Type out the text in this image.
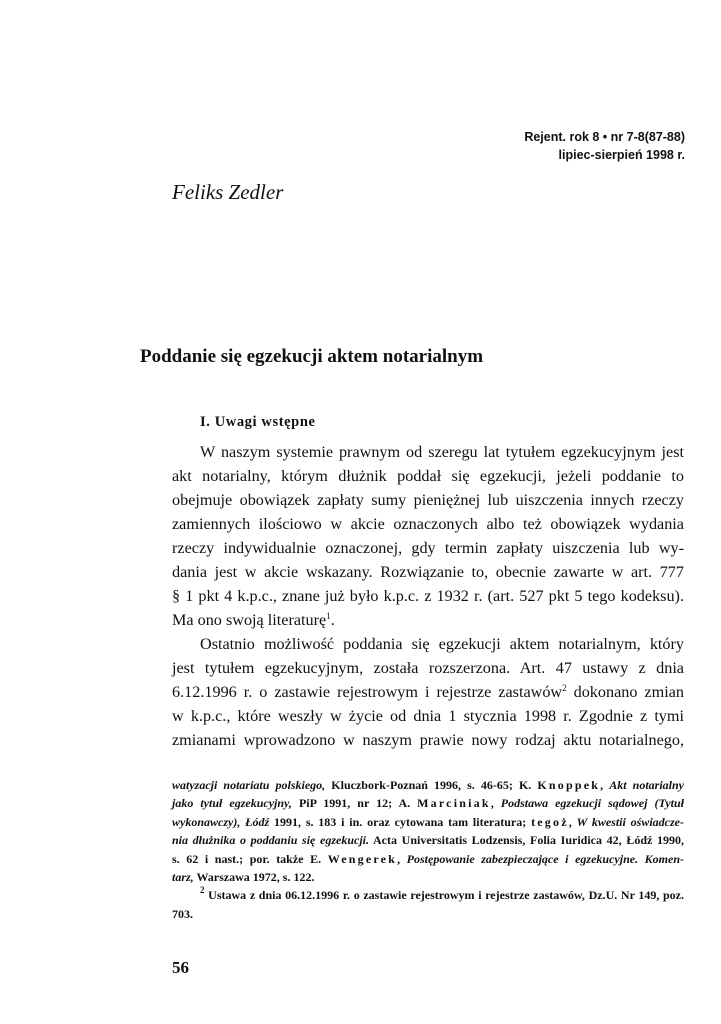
Rejent. rok 8 • nr 7-8(87-88)
lipiec-sierpień 1998 r.
Feliks Zedler
Poddanie się egzekucji aktem notarialnym
I. Uwagi wstępne
W naszym systemie prawnym od szeregu lat tytułem egzekucyjnym jest
akt notarialny, którym dłużnik poddał się egzekucji, jeżeli poddanie to
obejmuje obowiązek zapłaty sumy pieniężnej lub uiszczenia innych rzeczy
zamiennych ilościowo w akcie oznaczonych albo też obowiązek wydania
rzeczy indywidualnie oznaczonej, gdy termin zapłaty uiszczenia lub wy-
dania jest w akcie wskazany. Rozwiązanie to, obecnie zawarte w art. 777
§ 1 pkt 4 k.p.c., znane już było k.p.c. z 1932 r. (art. 527 pkt 5 tego kodeksu).
Ma ono swoją literaturę$^1$.
Ostatnio możliwość poddania się egzekucji aktem notarialnym, który
jest tytułem egzekucyjnym, została rozszerzona. Art. 47 ustawy z dnia
6.12.1996 r. o zastawie rejestrowym i rejestrze zastawów$^2$ dokonano zmian
w k.p.c., które weszły w życie od dnia 1 stycznia 1998 r. Zgodnie z tymi
zmianami wprowadzono w naszym prawie nowy rodzaj aktu notarialnego,
watyzacji notariatu polskiego, Kluczbork-Poznań 1996, s. 46-65; K. Knoppek, Akt notarialny
jako tytuł egzekucyjny, PiP 1991, nr 12; A. Marciniak, Podstawa egzekucji sądowej (Tytuł
wykonawczy), Łódź 1991, s. 183 i in. oraz cytowana tam literatura; tegoż, W kwestii oświadcze-
nia dłużnika o poddaniu się egzekucji. Acta Universitatis Lodzensis, Folia Iuridica 42, Łódź 1990,
s. 62 i nast.; por. także E. Wengerek, Postępowanie zabezpieczające i egzekucyjne. Komen-
tarz, Warszawa 1972, s. 122.
$^2$ Ustawa z dnia 06.12.1996 r. o zastawie rejestrowym i rejestrze zastawów, Dz.U. Nr 149, poz.
703.
56
